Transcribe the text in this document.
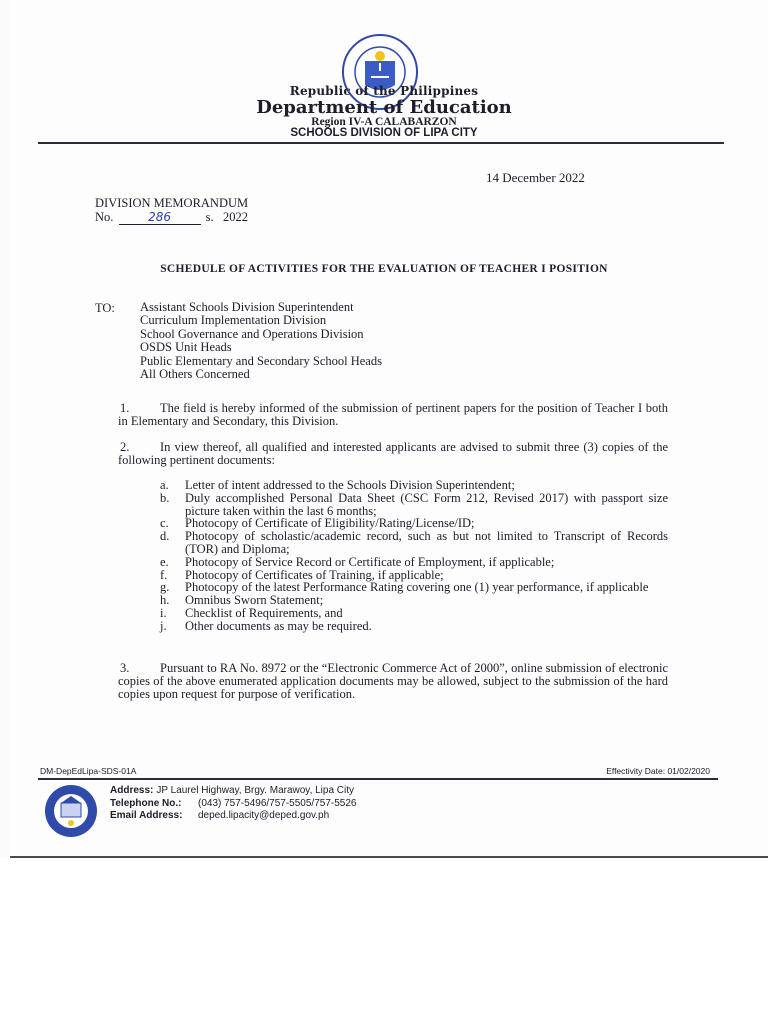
Republic of the Philippines
Department of Education
Region IV-A CALABARZON
SCHOOLS DIVISION OF LIPA CITY
14 December 2022
DIVISION MEMORANDUM
No.	286	s. 2022
SCHEDULE OF ACTIVITIES FOR THE EVALUATION OF TEACHER I POSITION
TO: Assistant Schools Division Superintendent
Curriculum Implementation Division
School Governance and Operations Division
OSDS Unit Heads
Public Elementary and Secondary School Heads
All Others Concerned
1. The field is hereby informed of the submission of pertinent papers for the position of Teacher I both in Elementary and Secondary, this Division.
2. In view thereof, all qualified and interested applicants are advised to submit three (3) copies of the following pertinent documents:
a.	Letter of intent addressed to the Schools Division Superintendent;
b.	Duly accomplished Personal Data Sheet (CSC Form 212, Revised 2017) with passport size picture taken within the last 6 months;
c.	Photocopy of Certificate of Eligibility/Rating/License/ID;
d.	Photocopy of scholastic/academic record, such as but not limited to Transcript of Records (TOR) and Diploma;
e.	Photocopy of Service Record or Certificate of Employment, if applicable;
f.	Photocopy of Certificates of Training, if applicable;
g.	Photocopy of the latest Performance Rating covering one (1) year performance, if applicable
h.	Omnibus Sworn Statement;
i.	Checklist of Requirements, and
j.	Other documents as may be required.
3. Pursuant to RA No. 8972 or the “Electronic Commerce Act of 2000”, online submission of electronic copies of the above enumerated application documents may be allowed, subject to the submission of the hard copies upon request for purpose of verification.
DM-DepEdLipa-SDS-01A	Effectivity Date: 01/02/2020
Address: JP Laurel Highway, Brgy. Marawoy, Lipa City
Telephone No.: (043) 757-5496/757-5505/757-5526
Email Address: deped.lipacity@deped.gov.ph
